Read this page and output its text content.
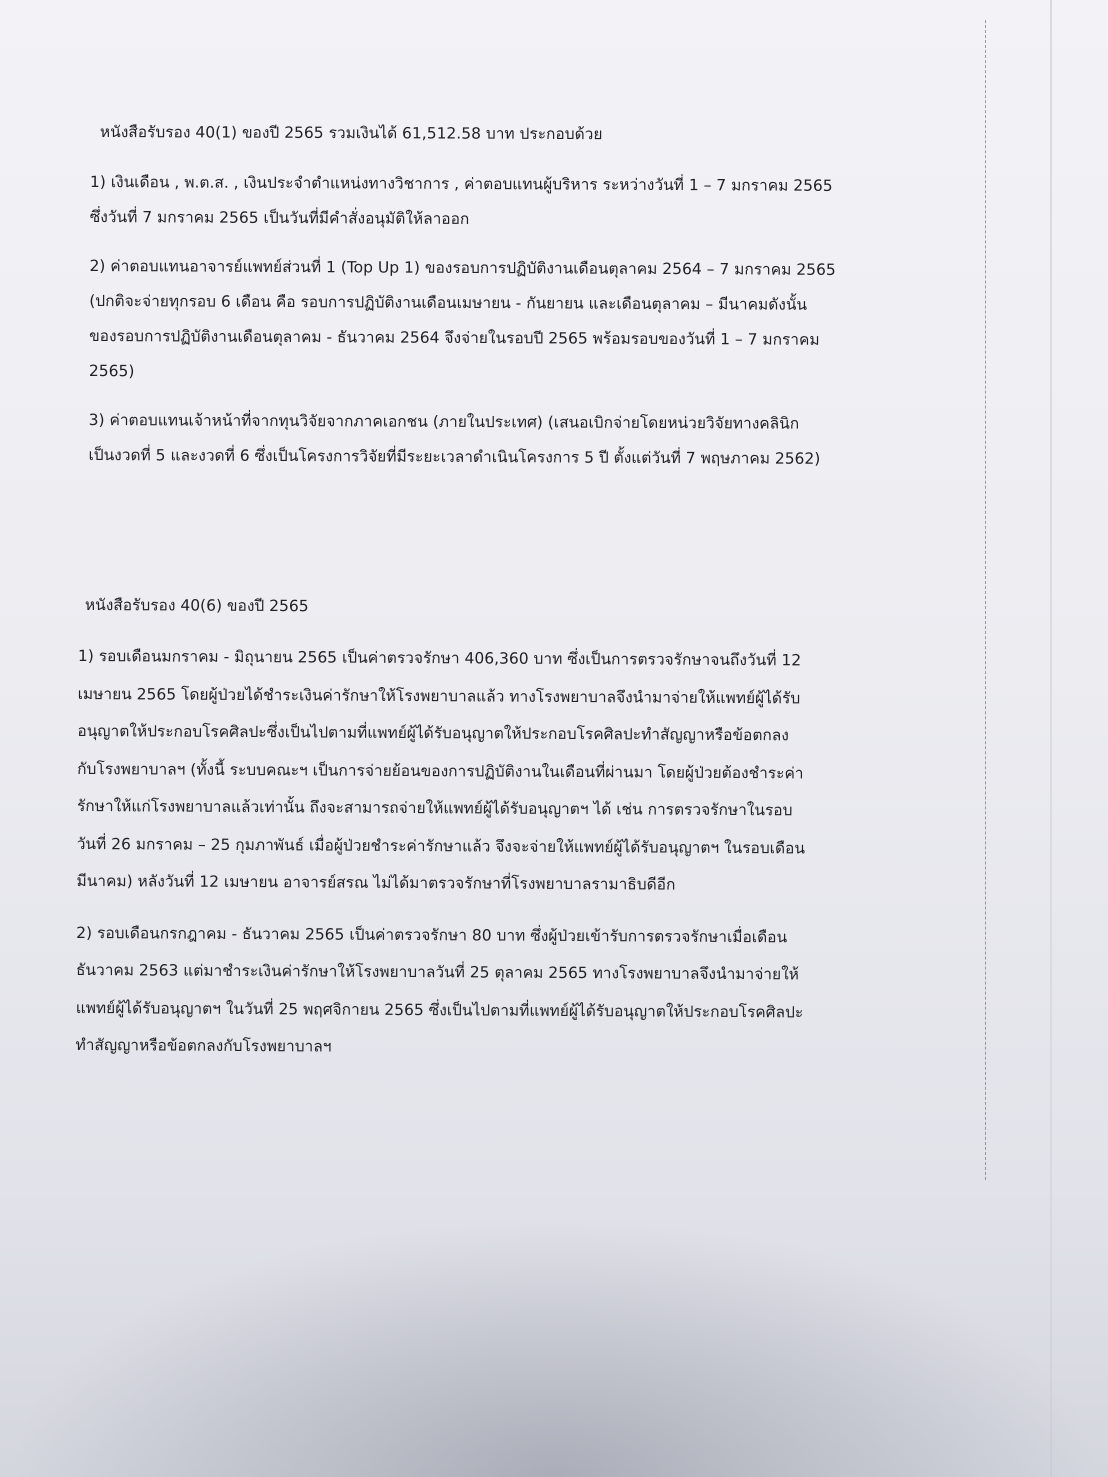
หนังสือรับรอง 40(1) ของปี 2565 รวมเงินได้ 61,512.58 บาท ประกอบด้วย
1) เงินเดือน , พ.ต.ส. , เงินประจำตำแหน่งทางวิชาการ , ค่าตอบแทนผู้บริหาร ระหว่างวันที่ 1 – 7 มกราคม 2565
ซึ่งวันที่ 7 มกราคม 2565 เป็นวันที่มีคำสั่งอนุมัติให้ลาออก
2) ค่าตอบแทนอาจารย์แพทย์ส่วนที่ 1 (Top Up 1) ของรอบการปฏิบัติงานเดือนตุลาคม 2564 – 7 มกราคม 2565
(ปกติจะจ่ายทุกรอบ 6 เดือน คือ รอบการปฏิบัติงานเดือนเมษายน - กันยายน และเดือนตุลาคม – มีนาคมดังนั้น
ของรอบการปฏิบัติงานเดือนตุลาคม - ธันวาคม 2564 จึงจ่ายในรอบปี 2565 พร้อมรอบของวันที่ 1 – 7 มกราคม
2565)
3) ค่าตอบแทนเจ้าหน้าที่จากทุนวิจัยจากภาคเอกชน (ภายในประเทศ) (เสนอเบิกจ่ายโดยหน่วยวิจัยทางคลินิก
เป็นงวดที่ 5 และงวดที่ 6 ซึ่งเป็นโครงการวิจัยที่มีระยะเวลาดำเนินโครงการ 5 ปี ตั้งแต่วันที่ 7 พฤษภาคม 2562)
หนังสือรับรอง 40(6) ของปี 2565
1) รอบเดือนมกราคม - มิถุนายน 2565 เป็นค่าตรวจรักษา 406,360 บาท ซึ่งเป็นการตรวจรักษาจนถึงวันที่ 12
เมษายน 2565 โดยผู้ป่วยได้ชำระเงินค่ารักษาให้โรงพยาบาลแล้ว ทางโรงพยาบาลจึงนำมาจ่ายให้แพทย์ผู้ได้รับ
อนุญาตให้ประกอบโรคศิลปะซึ่งเป็นไปตามที่แพทย์ผู้ได้รับอนุญาตให้ประกอบโรคศิลปะทำสัญญาหรือข้อตกลง
กับโรงพยาบาลฯ (ทั้งนี้ ระบบคณะฯ เป็นการจ่ายย้อนของการปฏิบัติงานในเดือนที่ผ่านมา โดยผู้ป่วยต้องชำระค่า
รักษาให้แก่โรงพยาบาลแล้วเท่านั้น ถึงจะสามารถจ่ายให้แพทย์ผู้ได้รับอนุญาตฯ ได้ เช่น การตรวจรักษาในรอบ
วันที่ 26 มกราคม – 25 กุมภาพันธ์ เมื่อผู้ป่วยชำระค่ารักษาแล้ว จึงจะจ่ายให้แพทย์ผู้ได้รับอนุญาตฯ ในรอบเดือน
มีนาคม) หลังวันที่ 12 เมษายน อาจารย์สรณ ไม่ได้มาตรวจรักษาที่โรงพยาบาลรามาธิบดีอีก
2) รอบเดือนกรกฎาคม - ธันวาคม 2565 เป็นค่าตรวจรักษา 80 บาท ซึ่งผู้ป่วยเข้ารับการตรวจรักษาเมื่อเดือน
ธันวาคม 2563 แต่มาชำระเงินค่ารักษาให้โรงพยาบาลวันที่ 25 ตุลาคม 2565 ทางโรงพยาบาลจึงนำมาจ่ายให้
แพทย์ผู้ได้รับอนุญาตฯ ในวันที่ 25 พฤศจิกายน 2565 ซึ่งเป็นไปตามที่แพทย์ผู้ได้รับอนุญาตให้ประกอบโรคศิลปะ
ทำสัญญาหรือข้อตกลงกับโรงพยาบาลฯ
